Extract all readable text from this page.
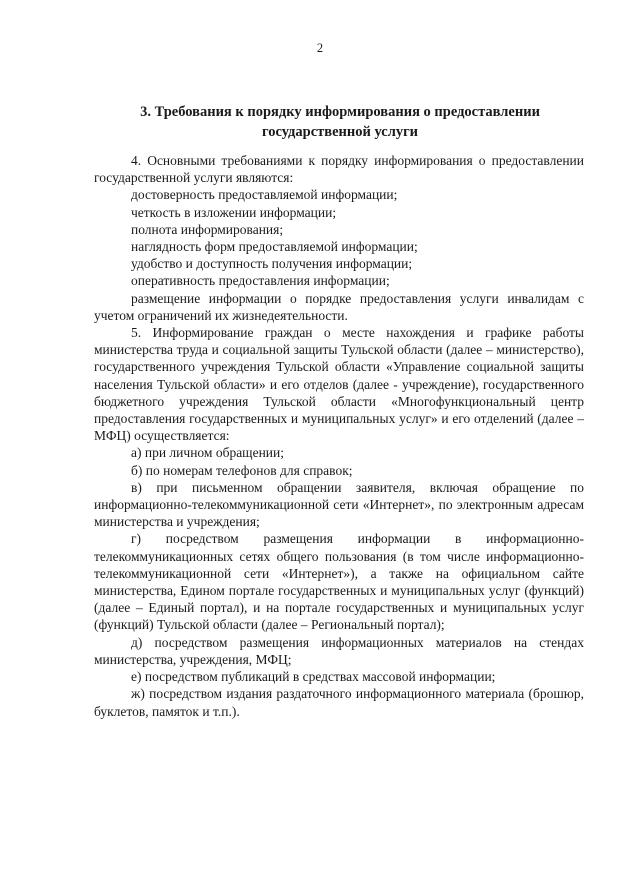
2
3. Требования к порядку информирования о предоставлении
государственной услуги

4. Основными требованиями к порядку информирования о предоставлении государственной услуги являются:

достоверность предоставляемой информации;

четкость в изложении информации;

полнота информирования;

наглядность форм предоставляемой информации;

удобство и доступность получения информации;

оперативность предоставления информации;

размещение информации о порядке предоставления услуги инвалидам с учетом ограничений их жизнедеятельности.

5. Информирование граждан о месте нахождения и графике работы министерства труда и социальной защиты Тульской области (далее – министерство), государственного учреждения Тульской области «Управление социальной защиты населения Тульской области» и его отделов (далее - учреждение), государственного бюджетного учреждения Тульской области «Многофункциональный центр предоставления государственных и муниципальных услуг» и его отделений (далее – МФЦ) осуществляется:

а) при личном обращении;

б) по номерам телефонов для справок;

в) при письменном обращении заявителя, включая обращение по информационно-телекоммуникационной сети «Интернет», по электронным адресам министерства и учреждения;

г) посредством размещения информации в информационно-телекоммуникационных сетях общего пользования (в том числе информационно-телекоммуникационной сети «Интернет»), а также на официальном сайте министерства, Едином портале государственных и муниципальных услуг (функций) (далее – Единый портал), и на портале государственных и муниципальных услуг (функций) Тульской области (далее – Региональный портал);

д) посредством размещения информационных материалов на стендах министерства, учреждения, МФЦ;

е) посредством публикаций в средствах массовой информации;

ж) посредством издания раздаточного информационного материала (брошюр, буклетов, памяток и т.п.).
